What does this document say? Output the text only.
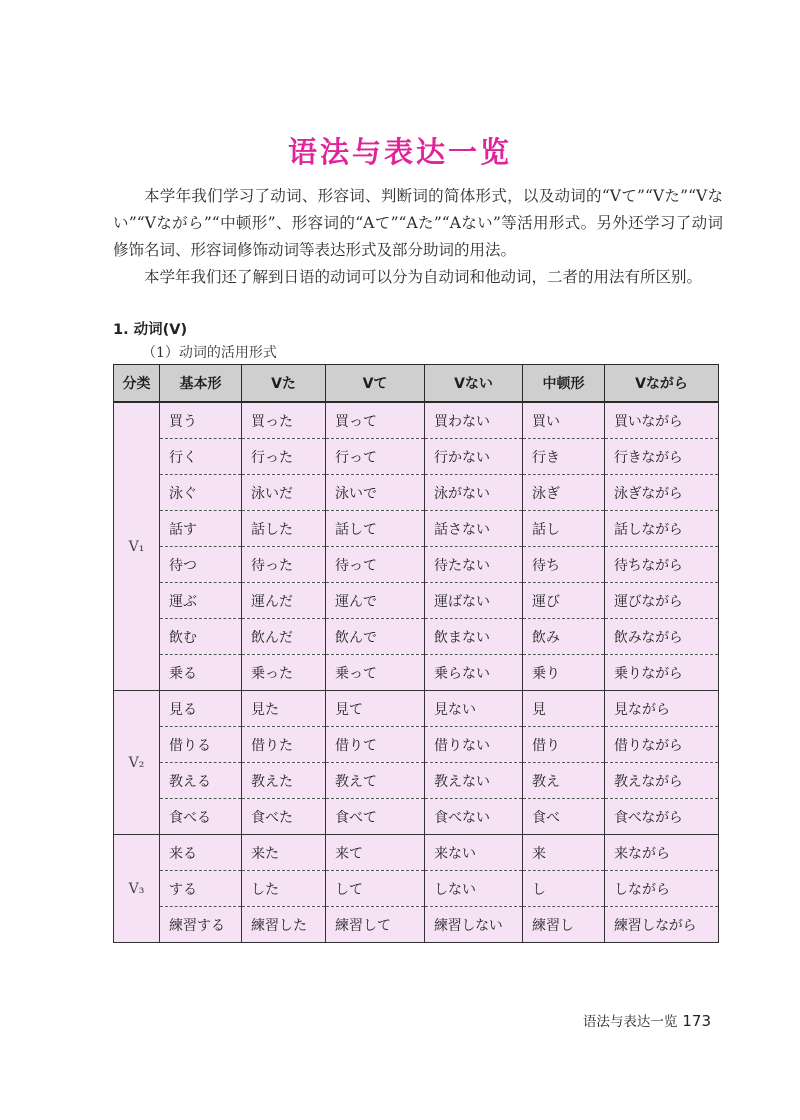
语法与表达一览

本学年我们学习了动词、形容词、判断词的简体形式，以及动词的“Vて”“Vた”“Vない”“Vながら”“中顿形”、形容词的“Aて”“Aた”“Aない”等活用形式。另外还学习了动词修饰名词、形容词修饰动词等表达形式及部分助词的用法。

本学年我们还了解到日语的动词可以分为自动词和他动词，二者的用法有所区别。

1. 动词(V)
（1）动词的活用形式
分类	基本形	Vた	Vて	Vない	中顿形	Vながら
V₁	買う	買った	買って	買わない	買い	買いながら
	行く	行った	行って	行かない	行き	行きながら
	泳ぐ	泳いだ	泳いで	泳がない	泳ぎ	泳ぎながら
	話す	話した	話して	話さない	話し	話しながら
	待つ	待った	待って	待たない	待ち	待ちながら
	運ぶ	運んだ	運んで	運ばない	運び	運びながら
	飲む	飲んだ	飲んで	飲まない	飲み	飲みながら
	乗る	乗った	乗って	乗らない	乗り	乗りながら
V₂	見る	見た	見て	見ない	見	見ながら
	借りる	借りた	借りて	借りない	借り	借りながら
	教える	教えた	教えて	教えない	教え	教えながら
	食べる	食べた	食べて	食べない	食べ	食べながら
V₃	来る	来た	来て	来ない	来	来ながら
	する	した	して	しない	し	しながら
	練習する	練習した	練習して	練習しない	練習し	練習しながら
语法与表达一览 173
